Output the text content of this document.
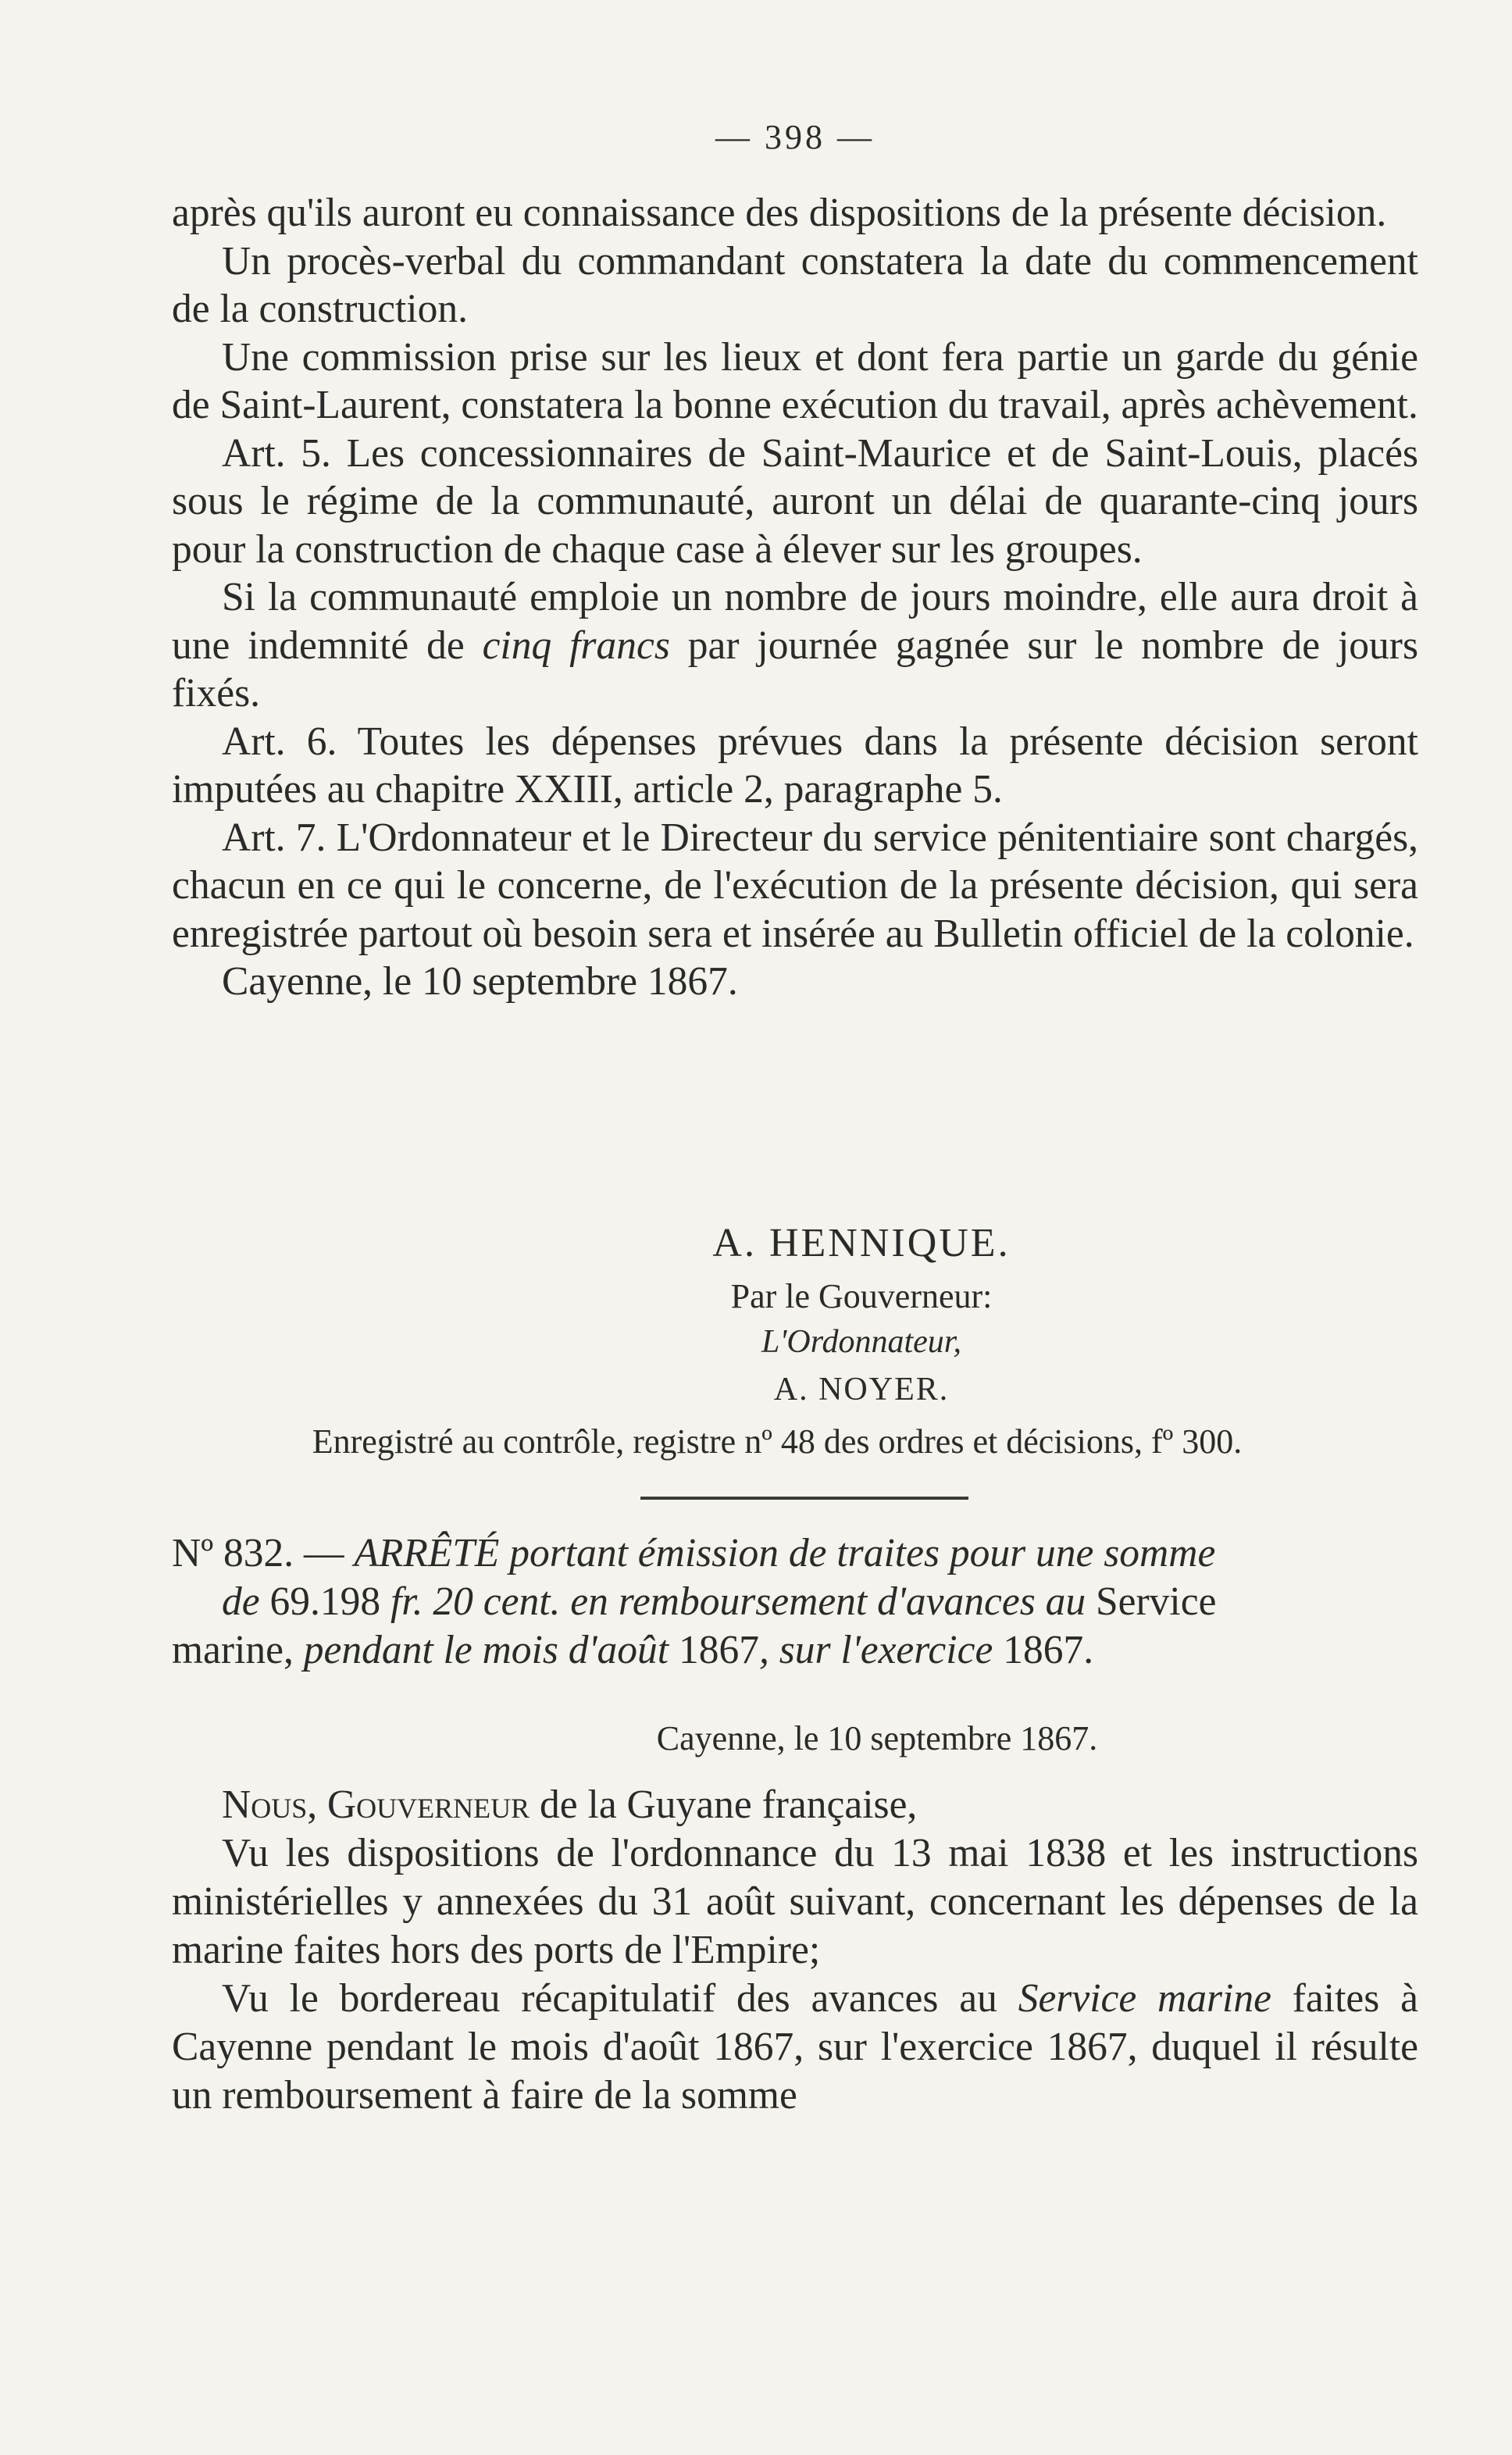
— 398 —

après qu'ils auront eu connaissance des dispositions de la présente décision.

Un procès-verbal du commandant constatera la date du commencement de la construction.

Une commission prise sur les lieux et dont fera partie un garde du génie de Saint-Laurent, constatera la bonne exécution du travail, après achèvement.

Art. 5. Les concessionnaires de Saint-Maurice et de Saint-Louis, placés sous le régime de la communauté, auront un délai de quarante-cinq jours pour la construction de chaque case à élever sur les groupes.

Si la communauté emploie un nombre de jours moindre, elle aura droit à une indemnité de cinq francs par journée gagnée sur le nombre de jours fixés.

Art. 6. Toutes les dépenses prévues dans la présente décision seront imputées au chapitre XXIII, article 2, paragraphe 5.

Art. 7. L'Ordonnateur et le Directeur du service pénitentiaire sont chargés, chacun en ce qui le concerne, de l'exécution de la présente décision, qui sera enregistrée partout où besoin sera et insérée au Bulletin officiel de la colonie.

Cayenne, le 10 septembre 1867.

A. HENNIQUE.
Par le Gouverneur:
L'Ordonnateur,
A. NOYER.
Enregistré au contrôle, registre nº 48 des ordres et décisions, fº 300.
Nº 832. — ARRÊTÉ portant émission de traites pour une somme
de 69.198 fr. 20 cent. en remboursement d'avances au Service
marine, pendant le mois d'août 1867, sur l'exercice 1867.
Cayenne, le 10 septembre 1867.

Nous, Gouverneur de la Guyane française,

Vu les dispositions de l'ordonnance du 13 mai 1838 et les instructions ministérielles y annexées du 31 août suivant, concernant les dépenses de la marine faites hors des ports de l'Empire;

Vu le bordereau récapitulatif des avances au Service marine faites à Cayenne pendant le mois d'août 1867, sur l'exercice 1867, duquel il résulte un remboursement à faire de la somme
